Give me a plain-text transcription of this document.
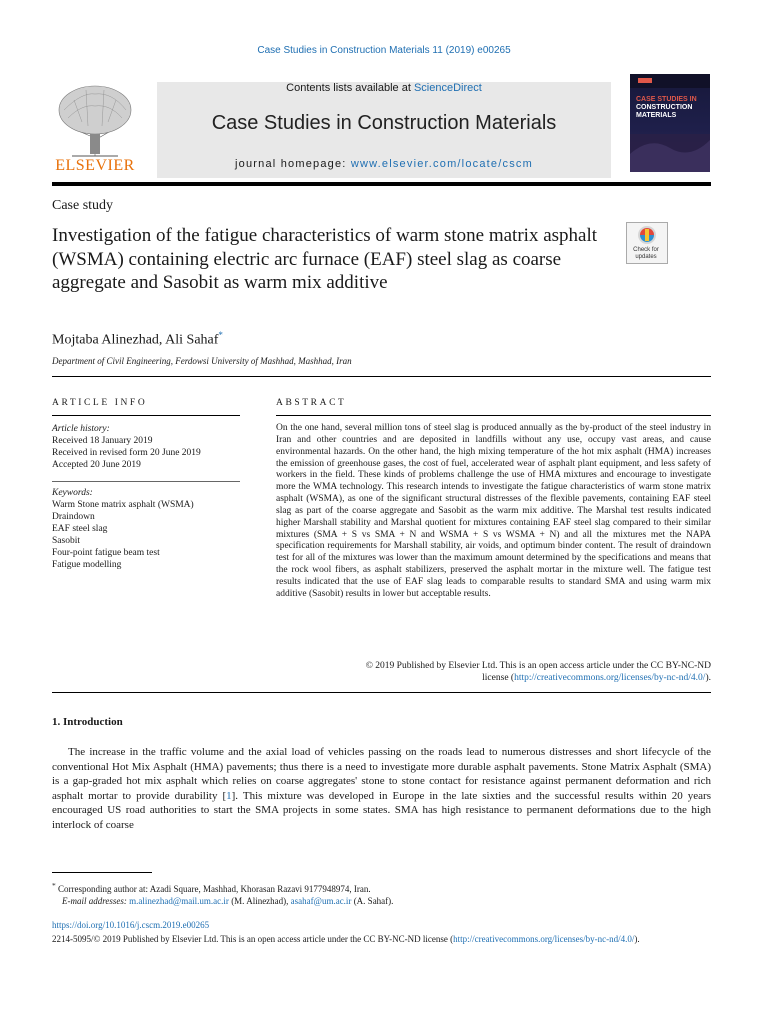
Case Studies in Construction Materials 11 (2019) e00265
ELSEVIER
Contents lists available at ScienceDirect
Case Studies in Construction Materials
journal homepage: www.elsevier.com/locate/cscm
CASE STUDIES IN
CONSTRUCTION
MATERIALS
Case study
Investigation of the fatigue characteristics of warm stone matrix asphalt (WSMA) containing electric arc furnace (EAF) steel slag as coarse aggregate and Sasobit as warm mix additive
Check for updates
Mojtaba Alinezhad, Ali Sahaf*
Department of Civil Engineering, Ferdowsi University of Mashhad, Mashhad, Iran
ARTICLE INFO	ABSTRACT
Article history:
Received 18 January 2019
Received in revised form 20 June 2019
Accepted 20 June 2019
Keywords:
Warm Stone matrix asphalt (WSMA)
Draindown
EAF steel slag
Sasobit
Four-point fatigue beam test
Fatigue modelling
On the one hand, several million tons of steel slag is produced annually as the by-product of the steel industry in Iran and other countries and are deposited in landfills without any use, occupy vast areas, and cause environmental hazards. On the other hand, the high mixing temperature of the hot mix asphalt (HMA) increases the emission of greenhouse gases, the cost of fuel, accelerated wear of asphalt plant equipment, and less safety of workers in the field. These kinds of problems challenge the use of HMA mixtures and encourage to investigate more the WMA technology. This research intends to investigate the fatigue characteristics of warm stone matrix asphalt (WSMA), as one of the significant structural distresses of the flexible pavements, containing EAF steel slag as part of the coarse aggregate and Sasobit as the warm mix additive. The Marshal test results indicated higher Marshall stability and Marshal quotient for mixtures containing EAF steel slag compared to their similar mixtures (SMA + S vs SMA + N and WSMA + S vs WSMA + N) and all the mixtures met the NAPA specification requirements for Marshall stability, air voids, and optimum binder content. The result of draindown test for all of the mixtures was lower than the maximum amount determined by the specifications and means that the rock wool fibers, as asphalt stabilizers, preserved the asphalt mortar in the mixture well. The fatigue test results indicated that the use of EAF slag leads to comparable results to standard SMA and using warm mix additive (Sasobit) results in lower but acceptable results.
© 2019 Published by Elsevier Ltd. This is an open access article under the CC BY-NC-ND
license (http://creativecommons.org/licenses/by-nc-nd/4.0/).
1. Introduction
The increase in the traffic volume and the axial load of vehicles passing on the roads lead to numerous distresses and short lifecycle of the conventional Hot Mix Asphalt (HMA) pavements; thus there is a need to investigate more durable asphalt pavements. Stone Matrix Asphalt (SMA) is a gap-graded hot mix asphalt which relies on coarse aggregates' stone to stone contact for resistance against permanent deformation and rich asphalt mortar to provide durability [1]. This mixture was developed in Europe in the late sixties and the successful results within 20 years encouraged US road authorities to start the SMA projects in some states. SMA has high resistance to permanent deformations due to the high interlock of coarse
* Corresponding author at: Azadi Square, Mashhad, Khorasan Razavi 9177948974, Iran.
E-mail addresses: m.alinezhad@mail.um.ac.ir (M. Alinezhad), asahaf@um.ac.ir (A. Sahaf).
https://doi.org/10.1016/j.cscm.2019.e00265
2214-5095/© 2019 Published by Elsevier Ltd. This is an open access article under the CC BY-NC-ND license (http://creativecommons.org/licenses/by-nc-nd/4.0/).
